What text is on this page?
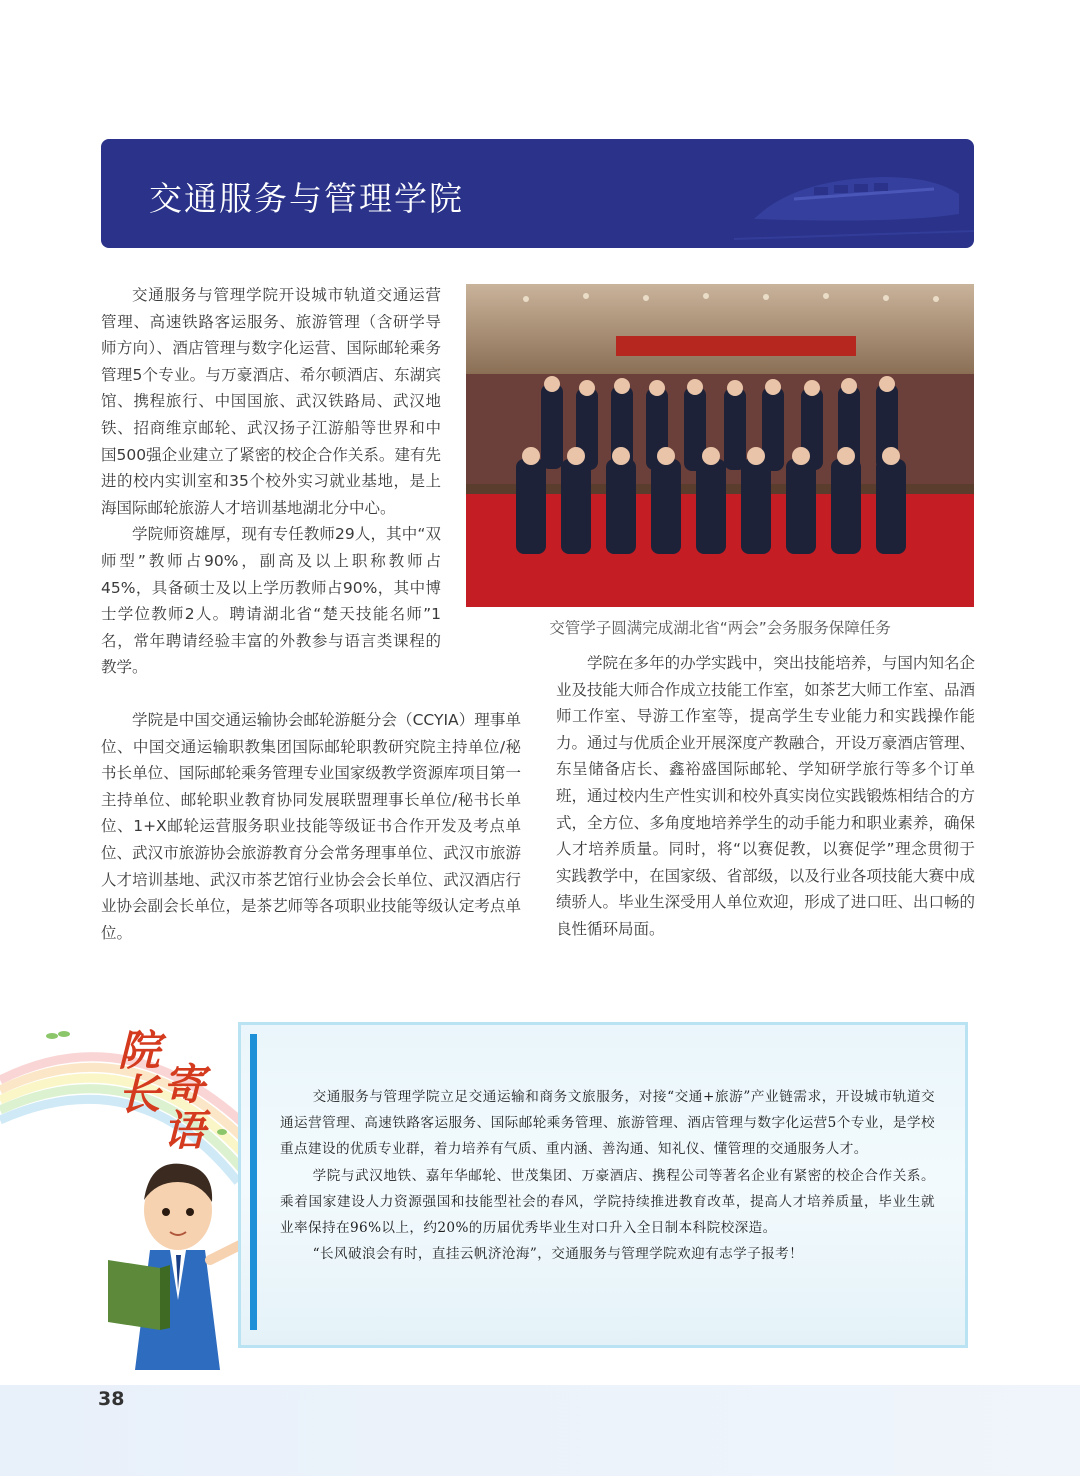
交通服务与管理学院

交通服务与管理学院开设城市轨道交通运营管理、高速铁路客运服务、旅游管理（含研学导师方向）、酒店管理与数字化运营、国际邮轮乘务管理5个专业。与万豪酒店、希尔顿酒店、东湖宾馆、携程旅行、中国国旅、武汉铁路局、武汉地铁、招商维京邮轮、武汉扬子江游船等世界和中国500强企业建立了紧密的校企合作关系。建有先进的校内实训室和35个校外实习就业基地，是上海国际邮轮旅游人才培训基地湖北分中心。

学院师资雄厚，现有专任教师29人，其中“双师型”教师占90%，副高及以上职称教师占45%，具备硕士及以上学历教师占90%，其中博士学位教师2人。聘请湖北省“楚天技能名师”1名，常年聘请经验丰富的外教参与语言类课程的教学。

交管学子圆满完成湖北省“两会”会务服务保障任务

学院是中国交通运输协会邮轮游艇分会（CCYIA）理事单位、中国交通运输职教集团国际邮轮职教研究院主持单位/秘书长单位、国际邮轮乘务管理专业国家级教学资源库项目第一主持单位、邮轮职业教育协同发展联盟理事长单位/秘书长单位、1+X邮轮运营服务职业技能等级证书合作开发及考点单位、武汉市旅游协会旅游教育分会常务理事单位、武汉市旅游人才培训基地、武汉市茶艺馆行业协会会长单位、武汉酒店行业协会副会长单位，是茶艺师等各项职业技能等级认定考点单位。

学院在多年的办学实践中，突出技能培养，与国内知名企业及技能大师合作成立技能工作室，如茶艺大师工作室、品酒师工作室、导游工作室等，提高学生专业能力和实践操作能力。通过与优质企业开展深度产教融合，开设万豪酒店管理、东呈储备店长、鑫裕盛国际邮轮、学知研学旅行等多个订单班，通过校内生产性实训和校外真实岗位实践锻炼相结合的方式，全方位、多角度地培养学生的动手能力和职业素养，确保人才培养质量。同时，将“以赛促教，以赛促学”理念贯彻于实践教学中，在国家级、省部级，以及行业各项技能大赛中成绩骄人。毕业生深受用人单位欢迎，形成了进口旺、出口畅的良性循环局面。

院
长 寄
语

交通服务与管理学院立足交通运输和商务文旅服务，对接“交通+旅游”产业链需求，开设城市轨道交通运营管理、高速铁路客运服务、国际邮轮乘务管理、旅游管理、酒店管理与数字化运营5个专业，是学校重点建设的优质专业群，着力培养有气质、重内涵、善沟通、知礼仪、懂管理的交通服务人才。

学院与武汉地铁、嘉年华邮轮、世茂集团、万豪酒店、携程公司等著名企业有紧密的校企合作关系。乘着国家建设人力资源强国和技能型社会的春风，学院持续推进教育改革，提高人才培养质量，毕业生就业率保持在96%以上，约20%的历届优秀毕业生对口升入全日制本科院校深造。

“长风破浪会有时，直挂云帆济沧海”，交通服务与管理学院欢迎有志学子报考！

38
